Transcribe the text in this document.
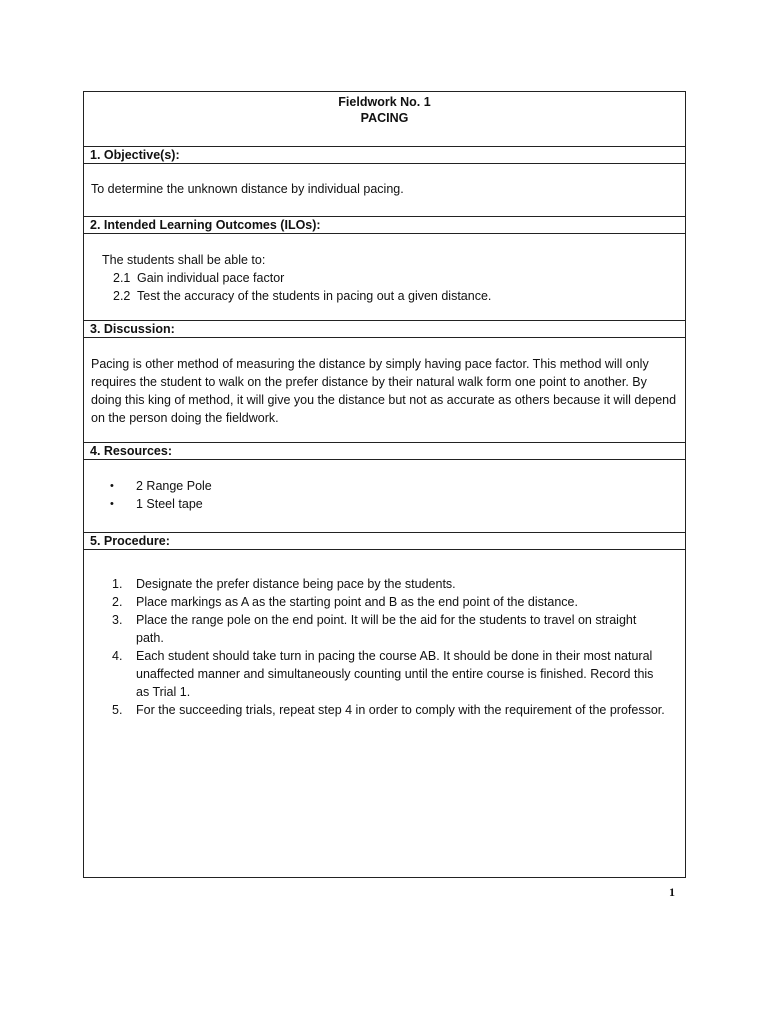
Fieldwork No. 1
PACING
1. Objective(s):
To determine the unknown distance by individual pacing.
2. Intended Learning Outcomes (ILOs):
The students shall be able to:
2.1 Gain individual pace factor
2.2 Test the accuracy of the students in pacing out a given distance.
3. Discussion:
Pacing is other method of measuring the distance by simply having pace factor. This method will only requires the student to walk on the prefer distance by their natural walk form one point to another. By doing this king of method, it will give you the distance but not as accurate as others because it will depend on the person doing the fieldwork.
4. Resources:
•	2 Range Pole
•	1 Steel tape
5. Procedure:
1.	Designate the prefer distance being pace by the students.
2.	Place markings as A as the starting point and B as the end point of the distance.
3.	Place the range pole on the end point. It will be the aid for the students to travel on straight path.
4.	Each student should take turn in pacing the course AB. It should be done in their most natural unaffected manner and simultaneously counting until the entire course is finished. Record this as Trial 1.
5.	For the succeeding trials, repeat step 4 in order to comply with the requirement of the professor.
1
